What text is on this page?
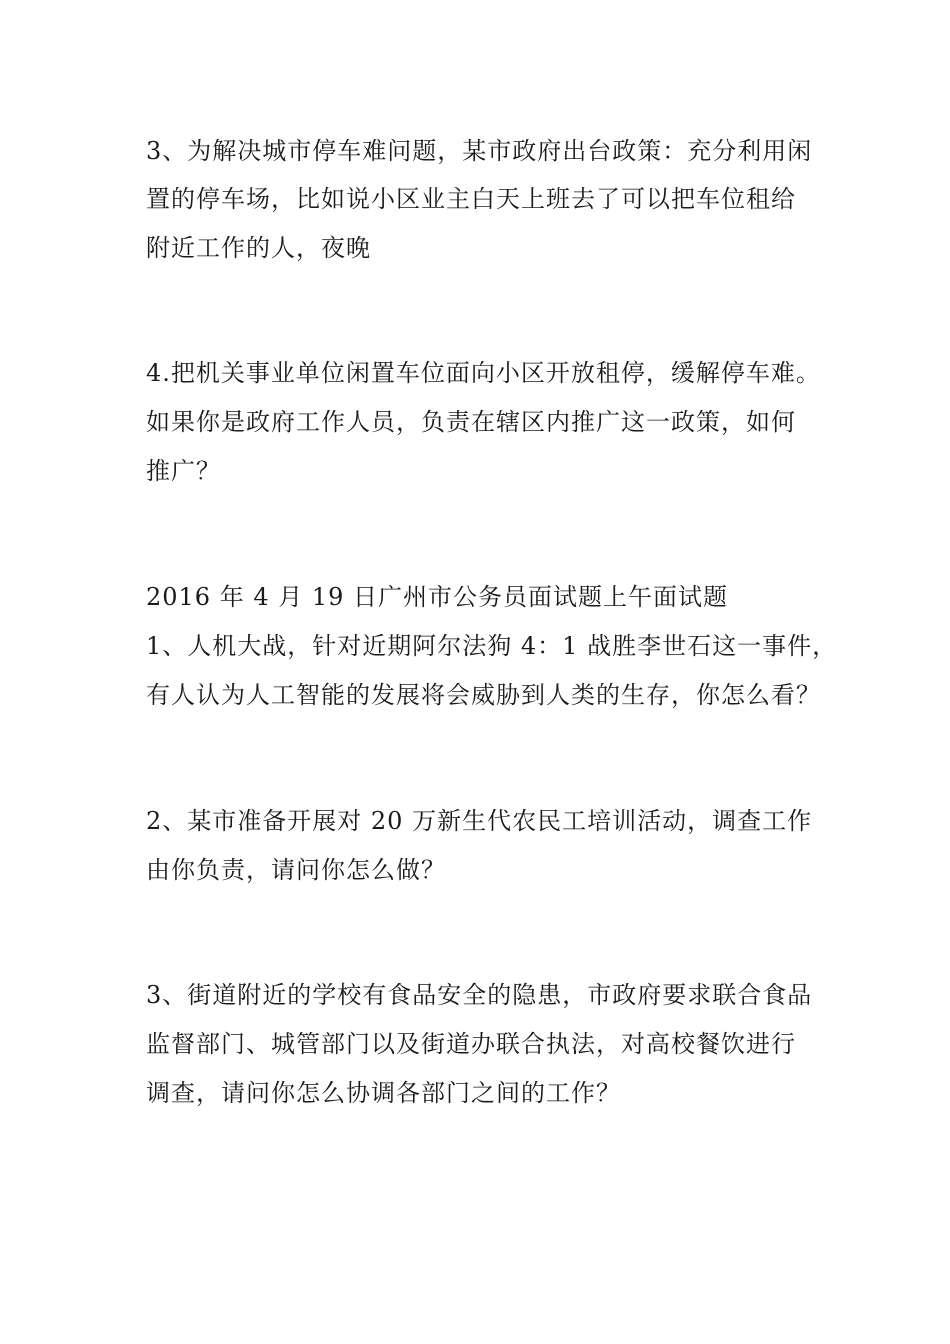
3、为解决城市停车难问题，某市政府出台政策：充分利用闲
置的停车场，比如说小区业主白天上班去了可以把车位租给
附近工作的人，夜晚
4.把机关事业单位闲置车位面向小区开放租停，缓解停车难。
如果你是政府工作人员，负责在辖区内推广这一政策，如何
推广？
2016 年 4 月 19 日广州市公务员面试题上午面试题
1、人机大战，针对近期阿尔法狗 4：1 战胜李世石这一事件，
有人认为人工智能的发展将会威胁到人类的生存，你怎么看？
2、某市准备开展对 20 万新生代农民工培训活动，调查工作
由你负责，请问你怎么做？
3、街道附近的学校有食品安全的隐患，市政府要求联合食品
监督部门、城管部门以及街道办联合执法，对高校餐饮进行
调查，请问你怎么协调各部门之间的工作？
